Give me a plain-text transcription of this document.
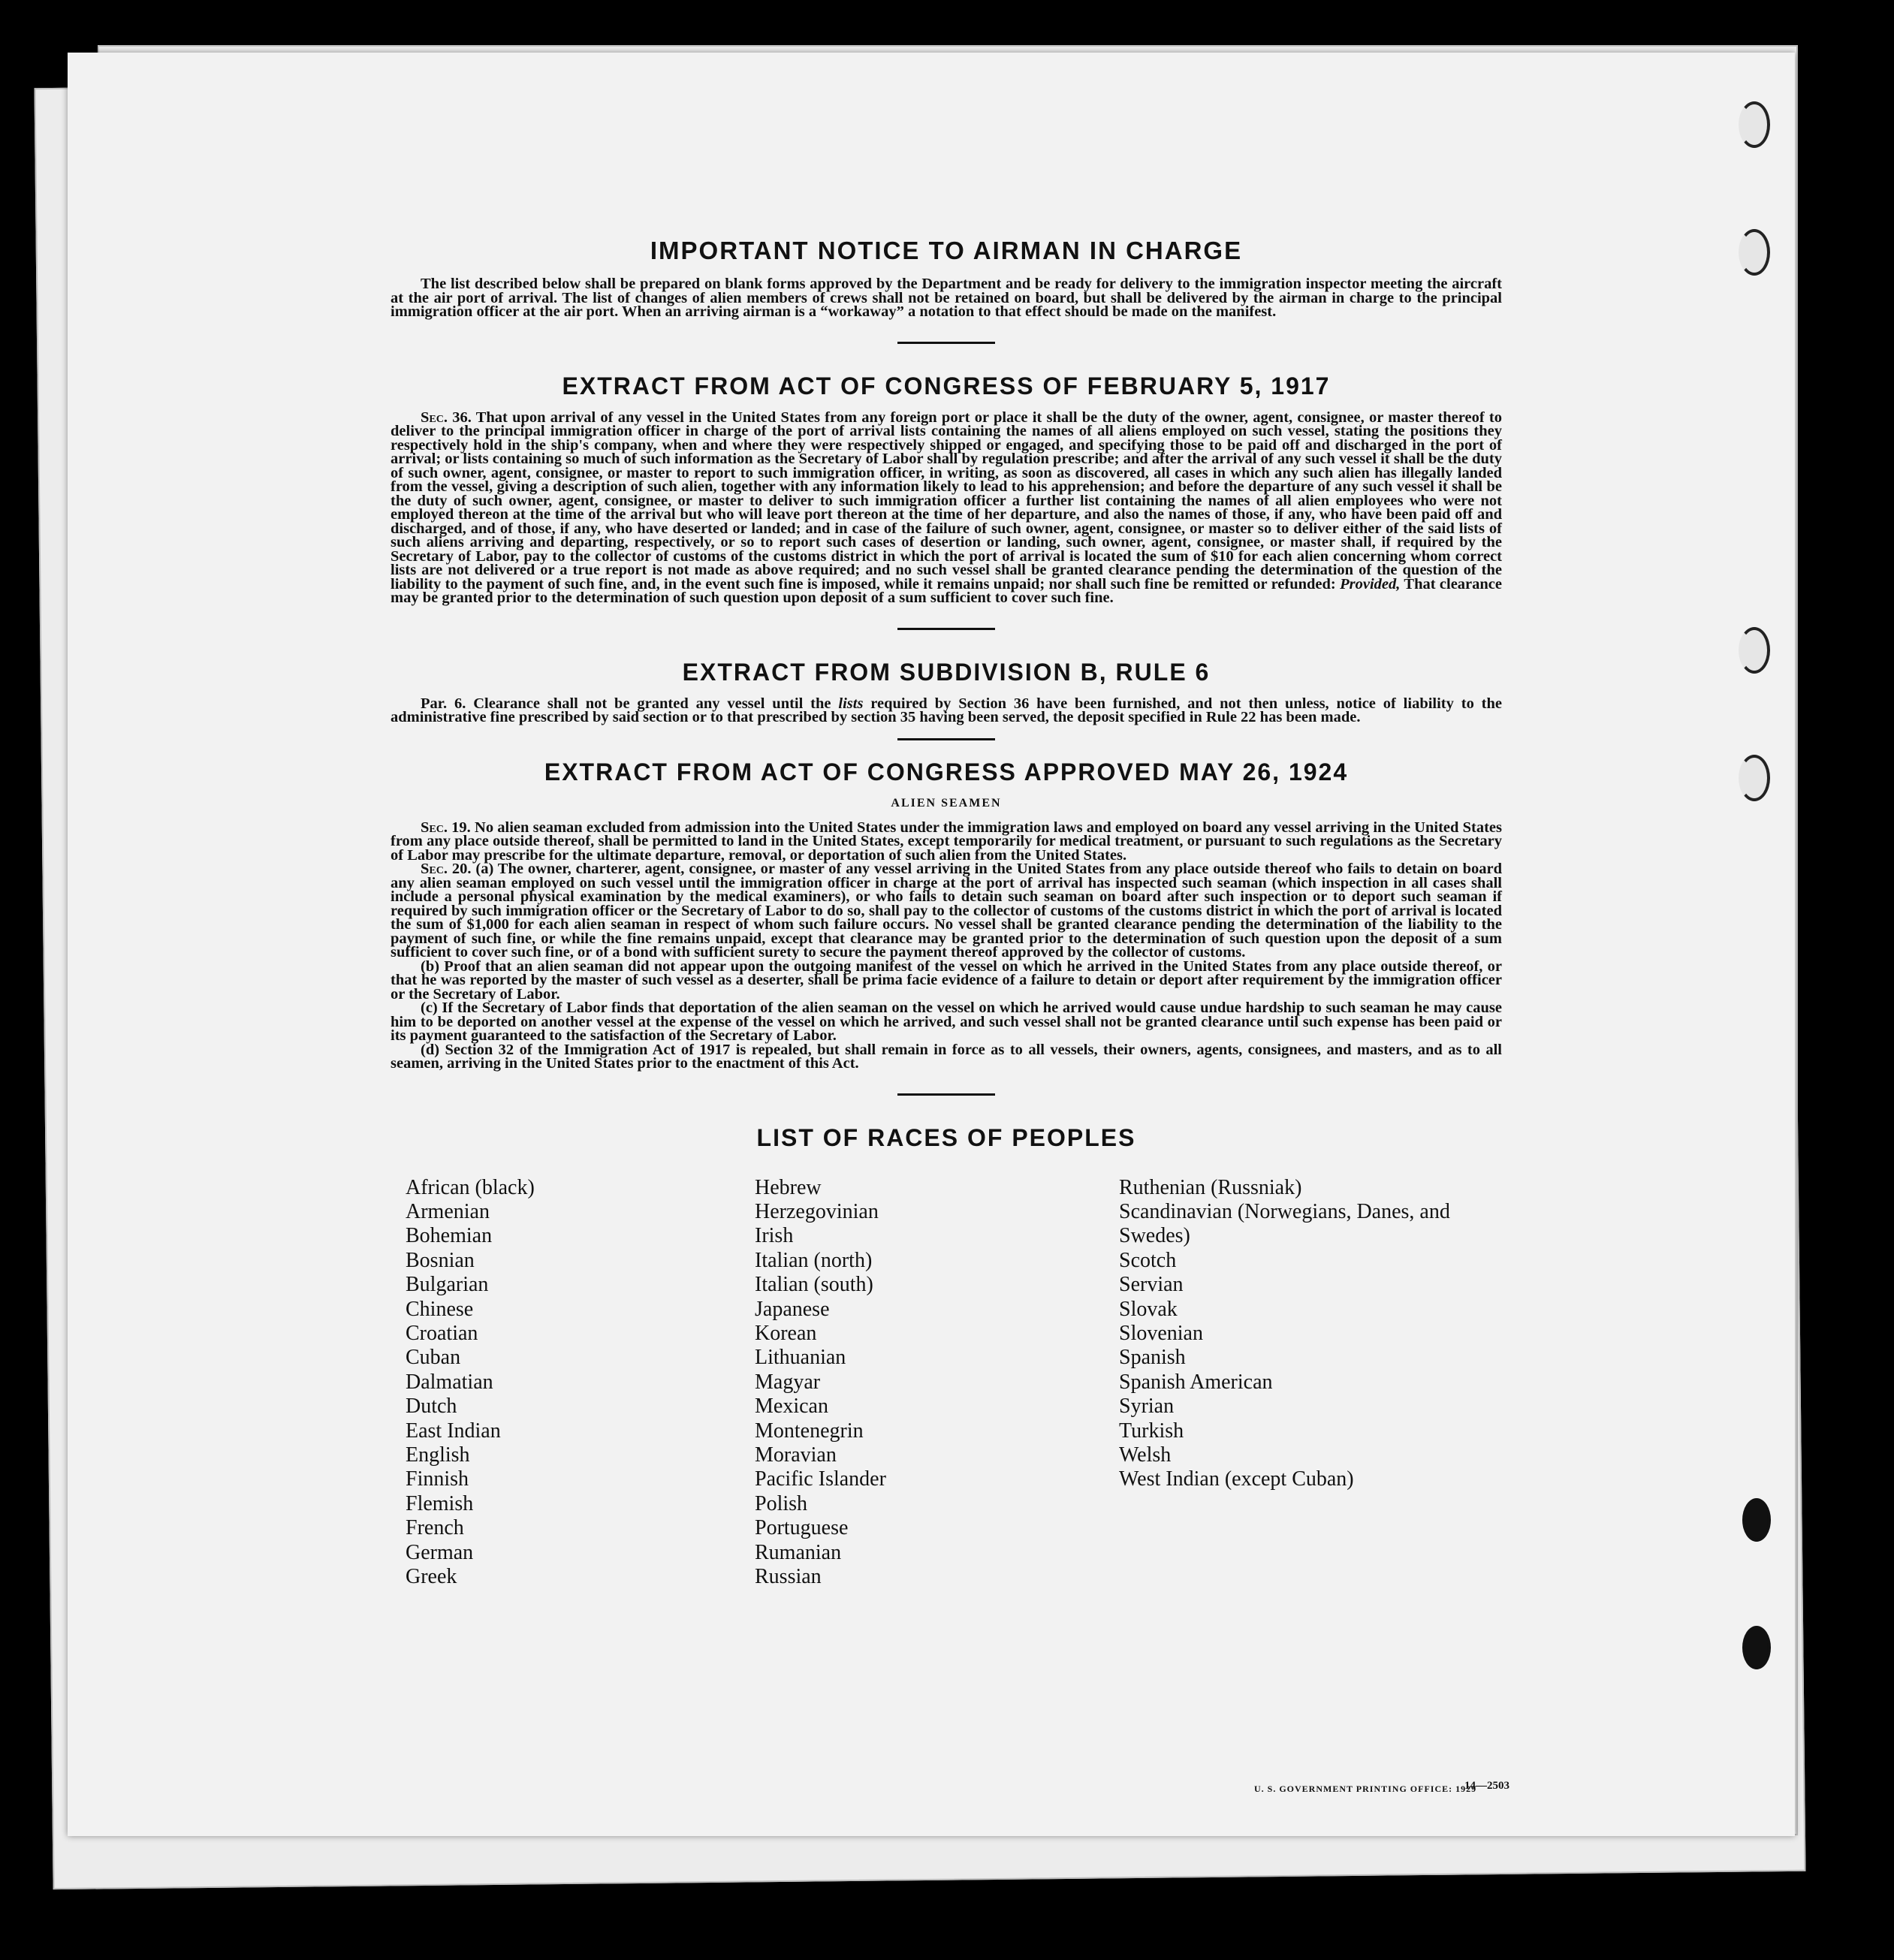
IMPORTANT NOTICE TO AIRMAN IN CHARGE

The list described below shall be prepared on blank forms approved by the Department and be ready for delivery to the immigration inspector meeting the aircraft at the air port of arrival. The list of changes of alien members of crews shall not be retained on board, but shall be delivered by the airman in charge to the principal immigration officer at the air port. When an arriving airman is a “workaway” a notation to that effect should be made on the manifest.

EXTRACT FROM ACT OF CONGRESS OF FEBRUARY 5, 1917

Sec. 36. That upon arrival of any vessel in the United States from any foreign port or place it shall be the duty of the owner, agent, consignee, or master thereof to deliver to the principal immigration officer in charge of the port of arrival lists containing the names of all aliens employed on such vessel, stating the positions they respectively hold in the ship's company, when and where they were respectively shipped or engaged, and specifying those to be paid off and discharged in the port of arrival; or lists containing so much of such information as the Secretary of Labor shall by regulation prescribe; and after the arrival of any such vessel it shall be the duty of such owner, agent, consignee, or master to report to such immigration officer, in writing, as soon as discovered, all cases in which any such alien has illegally landed from the vessel, giving a description of such alien, together with any information likely to lead to his apprehension; and before the departure of any such vessel it shall be the duty of such owner, agent, consignee, or master to deliver to such immigration officer a further list containing the names of all alien employees who were not employed thereon at the time of the arrival but who will leave port thereon at the time of her departure, and also the names of those, if any, who have been paid off and discharged, and of those, if any, who have deserted or landed; and in case of the failure of such owner, agent, consignee, or master so to deliver either of the said lists of such aliens arriving and departing, respectively, or so to report such cases of desertion or landing, such owner, agent, consignee, or master shall, if required by the Secretary of Labor, pay to the collector of customs of the customs district in which the port of arrival is located the sum of $10 for each alien concerning whom correct lists are not delivered or a true report is not made as above required; and no such vessel shall be granted clearance pending the determination of the question of the liability to the payment of such fine, and, in the event such fine is imposed, while it remains unpaid; nor shall such fine be remitted or refunded: Provided, That clearance may be granted prior to the determination of such question upon deposit of a sum sufficient to cover such fine.

EXTRACT FROM SUBDIVISION B, RULE 6

Par. 6. Clearance shall not be granted any vessel until the lists required by Section 36 have been furnished, and not then unless, notice of liability to the administrative fine prescribed by said section or to that prescribed by section 35 having been served, the deposit specified in Rule 22 has been made.

EXTRACT FROM ACT OF CONGRESS APPROVED MAY 26, 1924
ALIEN SEAMEN

Sec. 19. No alien seaman excluded from admission into the United States under the immigration laws and employed on board any vessel arriving in the United States from any place outside thereof, shall be permitted to land in the United States, except temporarily for medical treatment, or pursuant to such regulations as the Secretary of Labor may prescribe for the ultimate departure, removal, or deportation of such alien from the United States.

Sec. 20. (a) The owner, charterer, agent, consignee, or master of any vessel arriving in the United States from any place outside thereof who fails to detain on board any alien seaman employed on such vessel until the immigration officer in charge at the port of arrival has inspected such seaman (which inspection in all cases shall include a personal physical examination by the medical examiners), or who fails to detain such seaman on board after such inspection or to deport such seaman if required by such immigration officer or the Secretary of Labor to do so, shall pay to the collector of customs of the customs district in which the port of arrival is located the sum of $1,000 for each alien seaman in respect of whom such failure occurs. No vessel shall be granted clearance pending the determination of the liability to the payment of such fine, or while the fine remains unpaid, except that clearance may be granted prior to the determination of such question upon the deposit of a sum sufficient to cover such fine, or of a bond with sufficient surety to secure the payment thereof approved by the collector of customs.

(b) Proof that an alien seaman did not appear upon the outgoing manifest of the vessel on which he arrived in the United States from any place outside thereof, or that he was reported by the master of such vessel as a deserter, shall be prima facie evidence of a failure to detain or deport after requirement by the immigration officer or the Secretary of Labor.

(c) If the Secretary of Labor finds that deportation of the alien seaman on the vessel on which he arrived would cause undue hardship to such seaman he may cause him to be deported on another vessel at the expense of the vessel on which he arrived, and such vessel shall not be granted clearance until such expense has been paid or its payment guaranteed to the satisfaction of the Secretary of Labor.

(d) Section 32 of the Immigration Act of 1917 is repealed, but shall remain in force as to all vessels, their owners, agents, consignees, and masters, and as to all seamen, arriving in the United States prior to the enactment of this Act.

LIST OF RACES OF PEOPLES
African (black)
Armenian
Bohemian
Bosnian
Bulgarian
Chinese
Croatian
Cuban
Dalmatian
Dutch
East Indian
English
Finnish
Flemish
French
German
Greek
Hebrew
Herzegovinian
Irish
Italian (north)
Italian (south)
Japanese
Korean
Lithuanian
Magyar
Mexican
Montenegrin
Moravian
Pacific Islander
Polish
Portuguese
Rumanian
Russian
Ruthenian (Russniak)
Scandinavian (Norwegians, Danes, and Swedes)
Scotch
Servian
Slovak
Slovenian
Spanish
Spanish American
Syrian
Turkish
Welsh
West Indian (except Cuban)
U. S. GOVERNMENT PRINTING OFFICE: 1929
14—2503
